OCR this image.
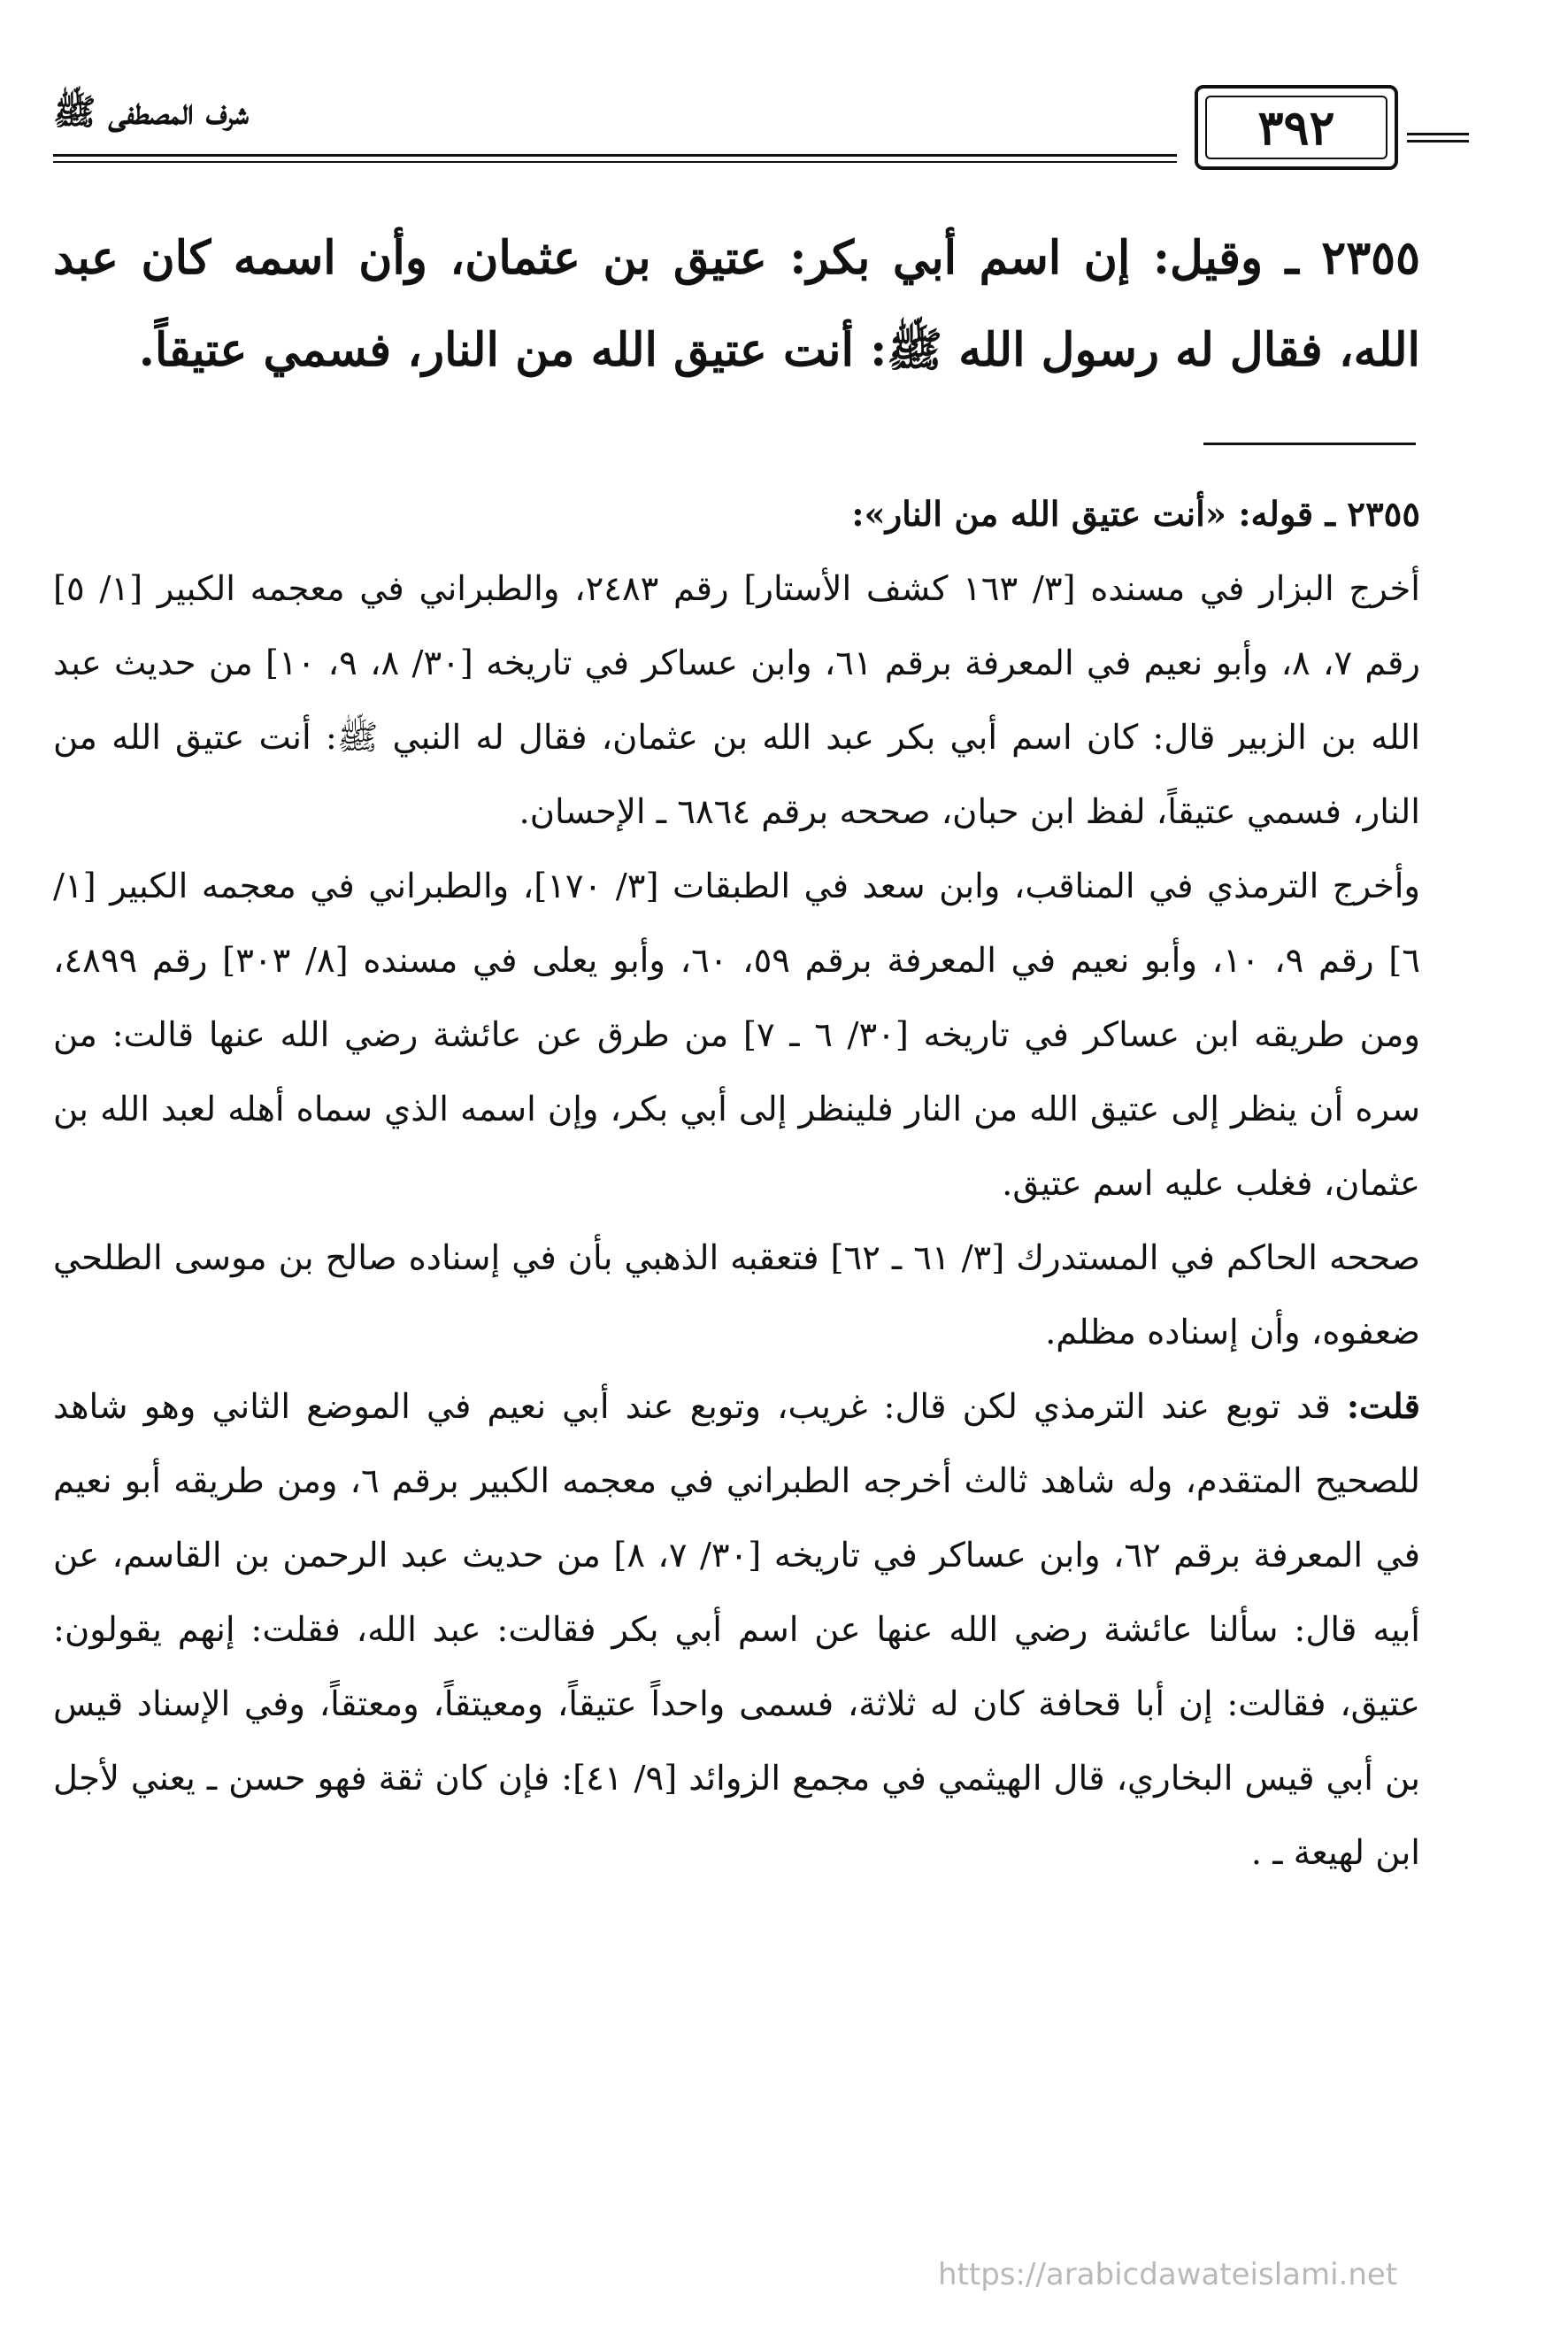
شرف المصطفى ﷺ	٣٩٢
٢٣٥٥ ـ وقيل: إن اسم أبي بكر: عتيق بن عثمان، وأن اسمه كان عبد الله، فقال له رسول الله ﷺ: أنت عتيق الله من النار، فسمي عتيقاً.

٢٣٥٥ ـ قوله: «أنت عتيق الله من النار»:

أخرج البزار في مسنده [٣/ ١٦٣ كشف الأستار] رقم ٢٤٨٣، والطبراني في معجمه الكبير [١/ ٥] رقم ٧، ٨، وأبو نعيم في المعرفة برقم ٦١، وابن عساكر في تاريخه [٣٠/ ٨، ٩، ١٠] من حديث عبد الله بن الزبير قال: كان اسم أبي بكر عبد الله بن عثمان، فقال له النبي ﷺ: أنت عتيق الله من النار، فسمي عتيقاً، لفظ ابن حبان، صححه برقم ٦٨٦٤ ـ الإحسان.

وأخرج الترمذي في المناقب، وابن سعد في الطبقات [٣/ ١٧٠]، والطبراني في معجمه الكبير [١/ ٦] رقم ٩، ١٠، وأبو نعيم في المعرفة برقم ٥٩، ٦٠، وأبو يعلى في مسنده [٨/ ٣٠٣] رقم ٤٨٩٩، ومن طريقه ابن عساكر في تاريخه [٣٠/ ٦ ـ ٧] من طرق عن عائشة رضي الله عنها قالت: من سره أن ينظر إلى عتيق الله من النار فلينظر إلى أبي بكر، وإن اسمه الذي سماه أهله لعبد الله بن عثمان، فغلب عليه اسم عتيق.

صححه الحاكم في المستدرك [٣/ ٦١ ـ ٦٢] فتعقبه الذهبي بأن في إسناده صالح بن موسى الطلحي ضعفوه، وأن إسناده مظلم.

قلت: قد توبع عند الترمذي لكن قال: غريب، وتوبع عند أبي نعيم في الموضع الثاني وهو شاهد للصحيح المتقدم، وله شاهد ثالث أخرجه الطبراني في معجمه الكبير برقم ٦، ومن طريقه أبو نعيم في المعرفة برقم ٦٢، وابن عساكر في تاريخه [٣٠/ ٧، ٨] من حديث عبد الرحمن بن القاسم، عن أبيه قال: سألنا عائشة رضي الله عنها عن اسم أبي بكر فقالت: عبد الله، فقلت: إنهم يقولون: عتيق، فقالت: إن أبا قحافة كان له ثلاثة، فسمى واحداً عتيقاً، ومعيتقاً، ومعتقاً، وفي الإسناد قيس بن أبي قيس البخاري، قال الهيثمي في مجمع الزوائد [٩/ ٤١]: فإن كان ثقة فهو حسن ـ يعني لأجل ابن لهيعة ـ .

https://arabicdawateislami.net
